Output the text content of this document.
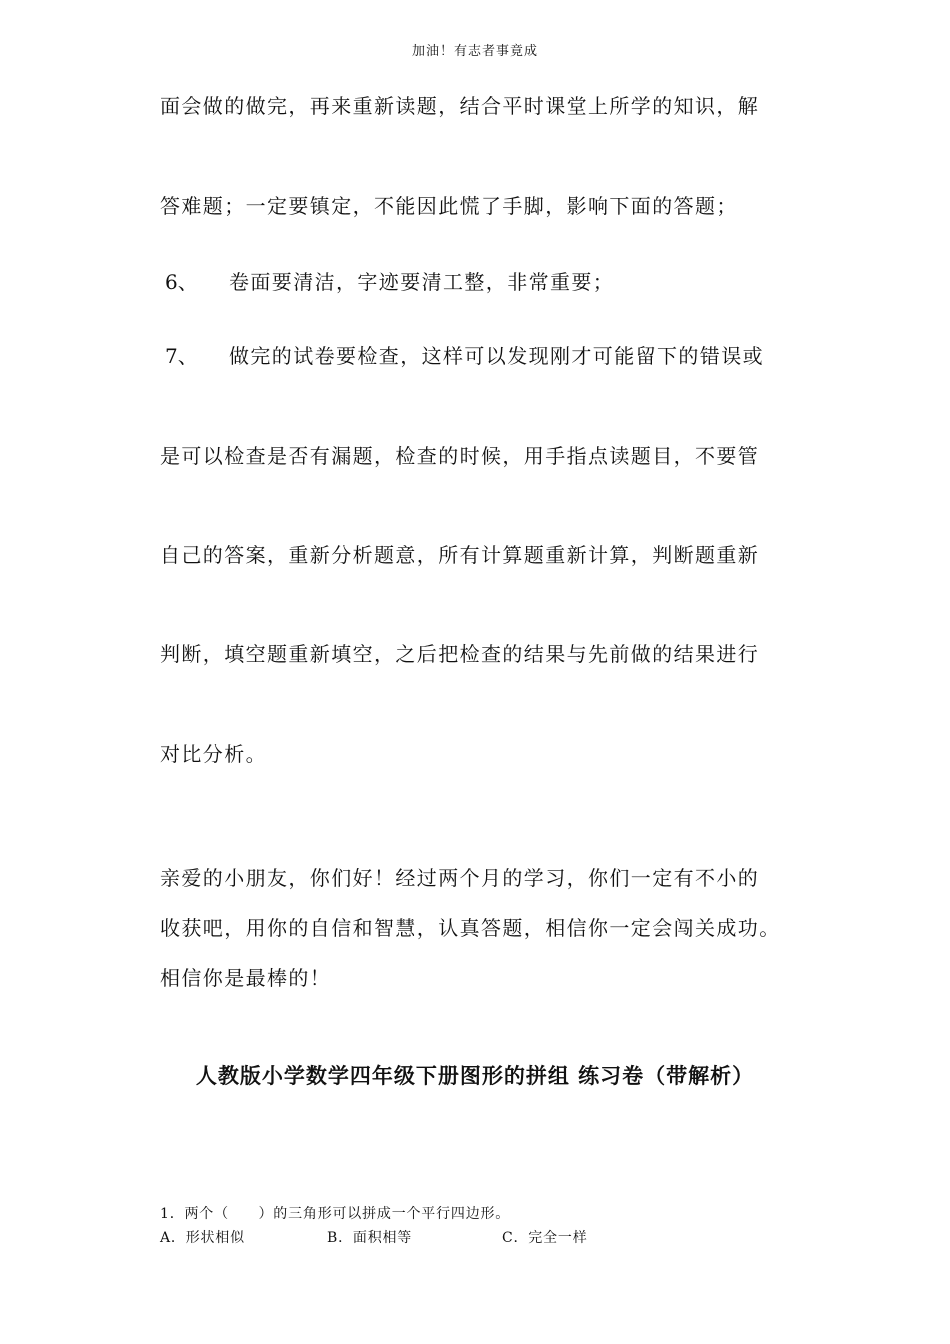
加油！有志者事竟成
面会做的做完，再来重新读题，结合平时课堂上所学的知识，解
答难题；一定要镇定，不能因此慌了手脚，影响下面的答题；
6、 卷面要清洁，字迹要清工整，非常重要；
7、 做完的试卷要检查，这样可以发现刚才可能留下的错误或
是可以检查是否有漏题，检查的时候，用手指点读题目，不要管
自己的答案，重新分析题意，所有计算题重新计算，判断题重新
判断，填空题重新填空，之后把检查的结果与先前做的结果进行
对比分析。
亲爱的小朋友，你们好！经过两个月的学习，你们一定有不小的
收获吧，用你的自信和智慧，认真答题，相信你一定会闯关成功。
相信你是最棒的！
人教版小学数学四年级下册图形的拼组 练习卷（带解析）
1．两个（　　）的三角形可以拼成一个平行四边形。
A．形状相似	B．面积相等	C．完全一样
